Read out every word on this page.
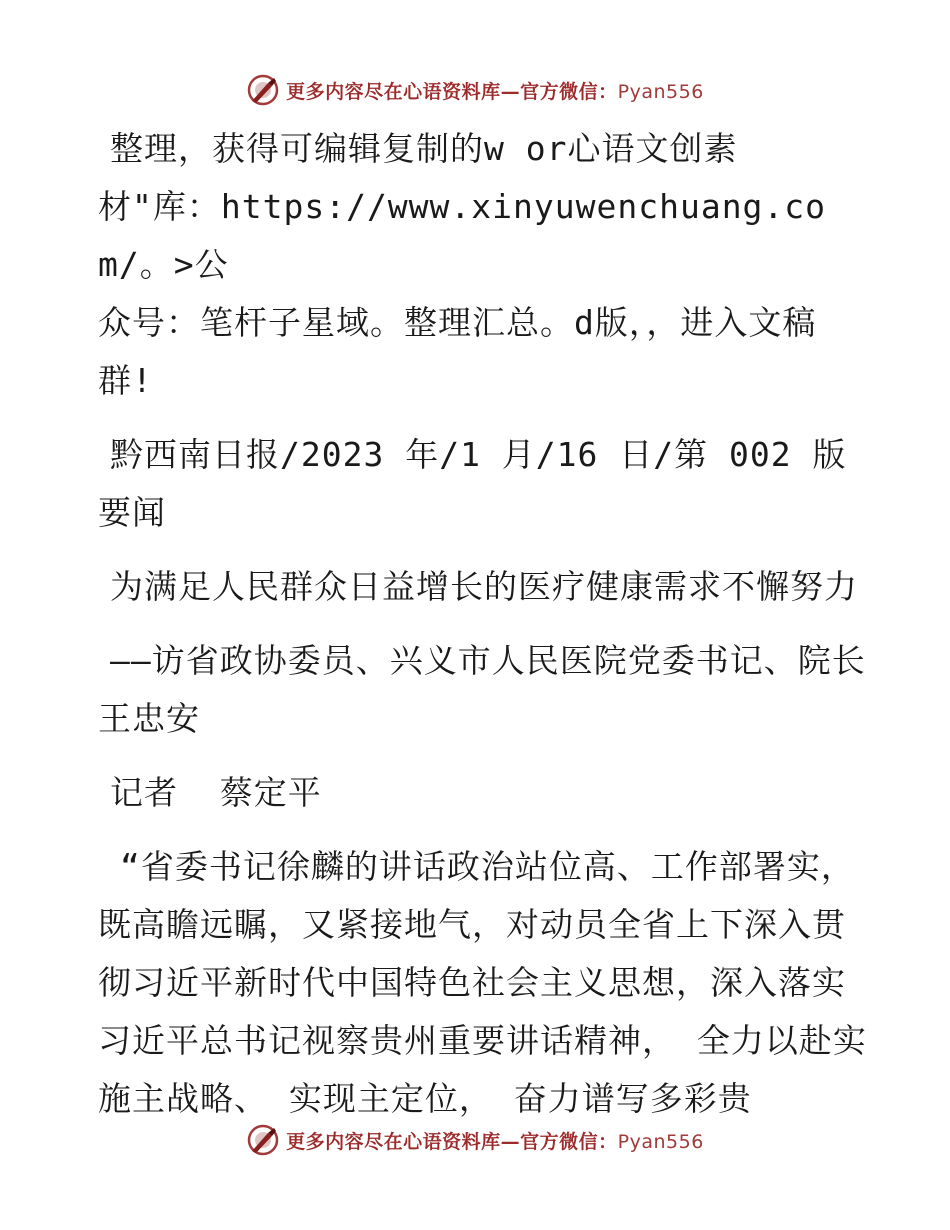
更多内容尽在心语资料库—官方微信：Pyan556

整理，获得可编辑复制的w or心语文创素

材"库：https://www.xinyuwenchuang.com/。>公

众号：笔杆子星域。整理汇总。d版，，进入文稿

群!

黔西南日报/2023 年/1 月/16 日/第 002 版要闻

为满足人民群众日益增长的医疗健康需求不懈努力

——访省政协委员、兴义市人民医院党委书记、院长王忠安

记者  蔡定平

“省委书记徐麟的讲话政治站位高、工作部署实，既高瞻远瞩，又紧接地气，对动员全省上下深入贯彻习近平新时代中国特色社会主义思想，深入落实习近平总书记视察贵州重要讲话精神， 全力以赴实施主战略、 实现主定位， 奋力谱写多彩贵

更多内容尽在心语资料库—官方微信：Pyan556
